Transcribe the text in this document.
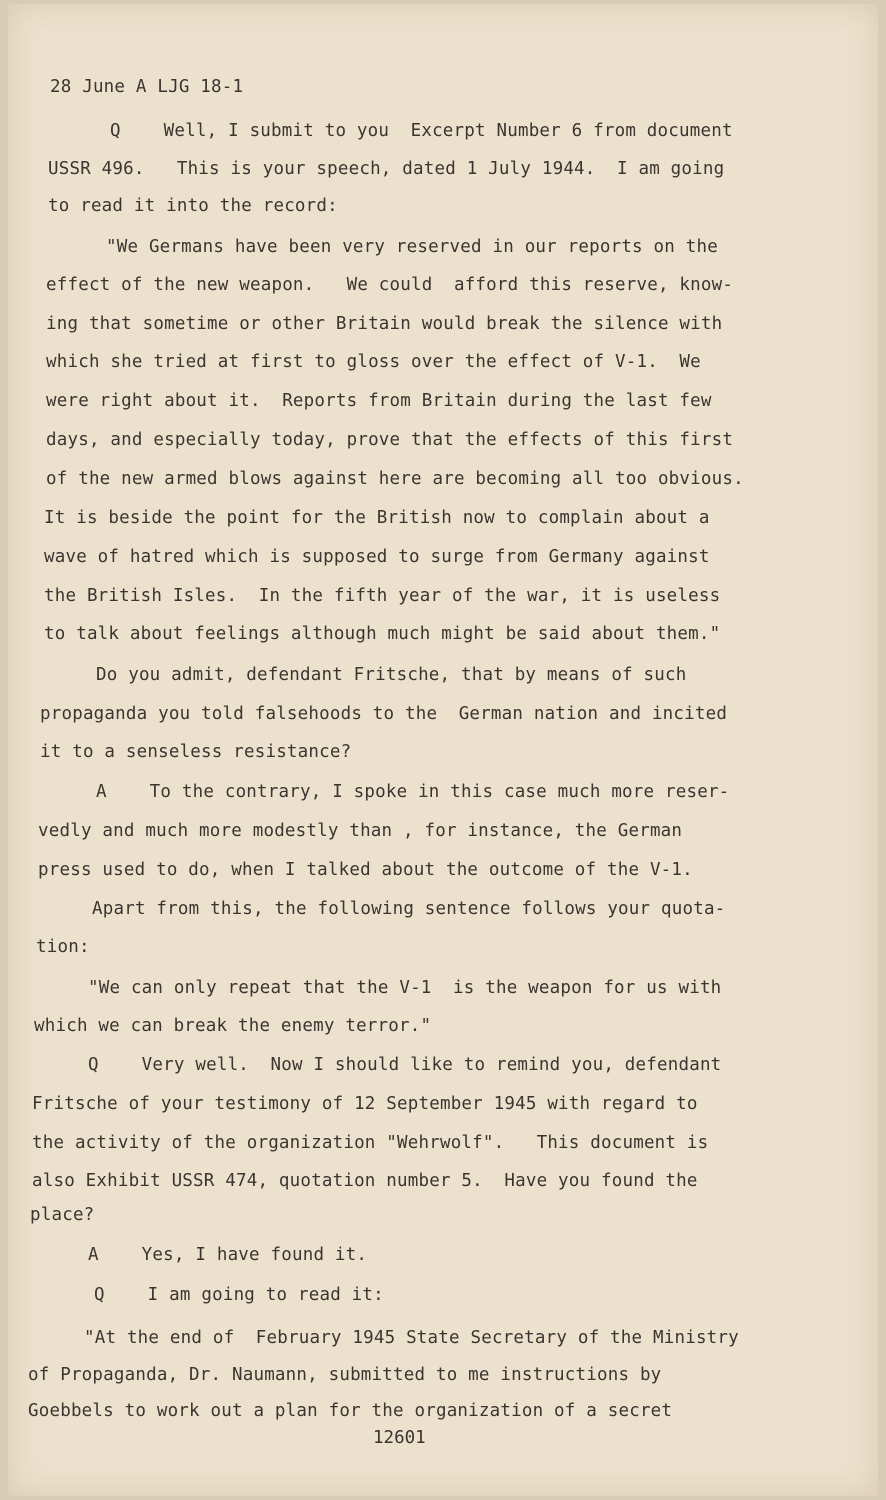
28 June A LJG 18-1
Q    Well, I submit to you  Excerpt Number 6 from document
USSR 496.   This is your speech, dated 1 July 1944.  I am going
to read it into the record:
"We Germans have been very reserved in our reports on the
effect of the new weapon.   We could  afford this reserve, know-
ing that sometime or other Britain would break the silence with
which she tried at first to gloss over the effect of V-1.  We
were right about it.  Reports from Britain during the last few
days, and especially today, prove that the effects of this first
of the new armed blows against here are becoming all too obvious.
It is beside the point for the British now to complain about a
wave of hatred which is supposed to surge from Germany against
the British Isles.  In the fifth year of the war, it is useless
to talk about feelings although much might be said about them."
Do you admit, defendant Fritsche, that by means of such
propaganda you told falsehoods to the  German nation and incited
it to a senseless resistance?
A    To the contrary, I spoke in this case much more reser-
vedly and much more modestly than , for instance, the German
press used to do, when I talked about the outcome of the V-1.
Apart from this, the following sentence follows your quota-
tion:
"We can only repeat that the V-1  is the weapon for us with
which we can break the enemy terror."
Q    Very well.  Now I should like to remind you, defendant
Fritsche of your testimony of 12 September 1945 with regard to
the activity of the organization "Wehrwolf".   This document is
also Exhibit USSR 474, quotation number 5.  Have you found the
place?
A    Yes, I have found it.
Q    I am going to read it:
"At the end of  February 1945 State Secretary of the Ministry
of Propaganda, Dr. Naumann, submitted to me instructions by
Goebbels to work out a plan for the organization of a secret
12601
